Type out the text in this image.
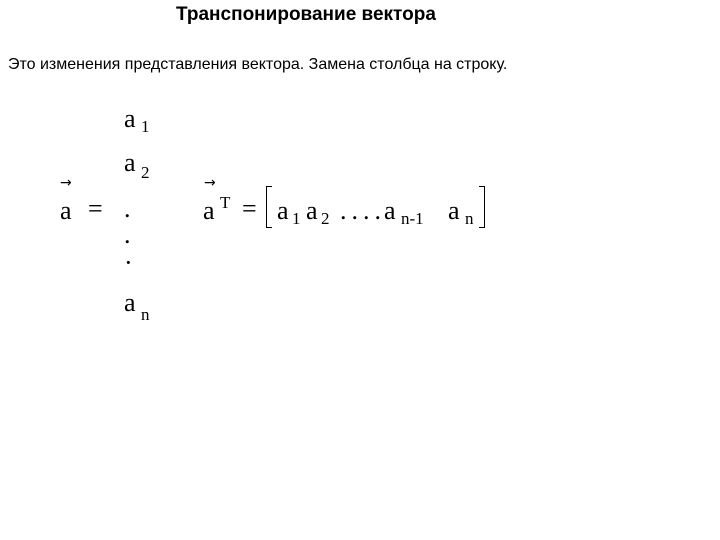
Транспонирование вектора
Это изменения представления вектора. Замена столбца на строку.
→
a =
a 1
a 2
.
.
·
a n
→
a T = a 1 a 2 ....
a n-1 a n
